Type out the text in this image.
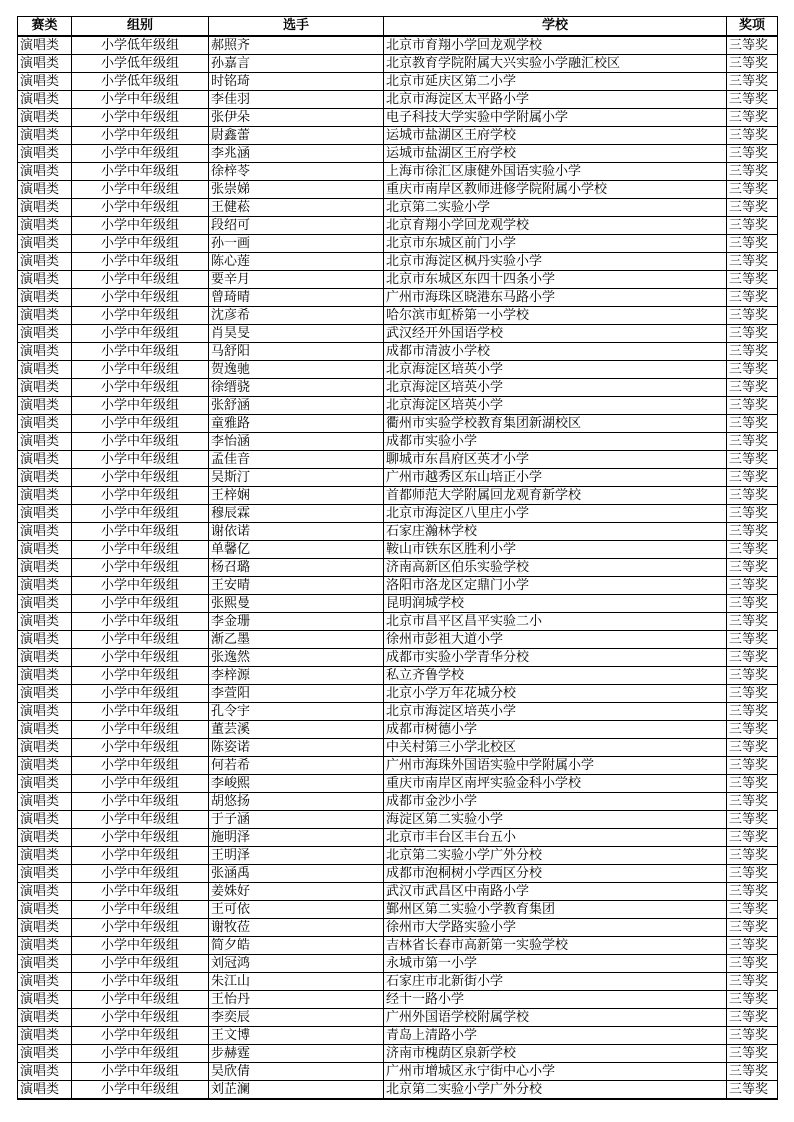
赛类	组别	选手	学校	奖项
演唱类	小学低年级组	郝照齐	北京市育翔小学回龙观学校	三等奖
演唱类	小学低年级组	孙嘉言	北京教育学院附属大兴实验小学融汇校区	三等奖
演唱类	小学低年级组	时铭琦	北京市延庆区第二小学	三等奖
演唱类	小学中年级组	李佳羽	北京市海淀区太平路小学	三等奖
演唱类	小学中年级组	张伊朵	电子科技大学实验中学附属小学	三等奖
演唱类	小学中年级组	尉鑫蕾	运城市盐湖区王府学校	三等奖
演唱类	小学中年级组	李兆涵	运城市盐湖区王府学校	三等奖
演唱类	小学中年级组	徐梓苓	上海市徐汇区康健外国语实验小学	三等奖
演唱类	小学中年级组	张崇娣	重庆市南岸区教师进修学院附属小学校	三等奖
演唱类	小学中年级组	王健菘	北京第二实验小学	三等奖
演唱类	小学中年级组	段绍可	北京育翔小学回龙观学校	三等奖
演唱类	小学中年级组	孙一画	北京市东城区前门小学	三等奖
演唱类	小学中年级组	陈心莲	北京市海淀区枫丹实验小学	三等奖
演唱类	小学中年级组	要辛月	北京市东城区东四十四条小学	三等奖
演唱类	小学中年级组	曾琦晴	广州市海珠区晓港东马路小学	三等奖
演唱类	小学中年级组	沈彦希	哈尔滨市虹桥第一小学校	三等奖
演唱类	小学中年级组	肖昊旻	武汉经开外国语学校	三等奖
演唱类	小学中年级组	马舒阳	成都市清波小学校	三等奖
演唱类	小学中年级组	贺逸驰	北京海淀区培英小学	三等奖
演唱类	小学中年级组	徐缙骁	北京海淀区培英小学	三等奖
演唱类	小学中年级组	张舒涵	北京海淀区培英小学	三等奖
演唱类	小学中年级组	童雅路	衢州市实验学校教育集团新湖校区	三等奖
演唱类	小学中年级组	李怡涵	成都市实验小学	三等奖
演唱类	小学中年级组	孟佳音	聊城市东昌府区英才小学	三等奖
演唱类	小学中年级组	吴斯汀	广州市越秀区东山培正小学	三等奖
演唱类	小学中年级组	王梓娴	首都师范大学附属回龙观育新学校	三等奖
演唱类	小学中年级组	穆辰霖	北京市海淀区八里庄小学	三等奖
演唱类	小学中年级组	谢依诺	石家庄瀚林学校	三等奖
演唱类	小学中年级组	单馨亿	鞍山市铁东区胜利小学	三等奖
演唱类	小学中年级组	杨召璐	济南高新区伯乐实验学校	三等奖
演唱类	小学中年级组	王安晴	洛阳市洛龙区定鼎门小学	三等奖
演唱类	小学中年级组	张熙曼	昆明润城学校	三等奖
演唱类	小学中年级组	李金珊	北京市昌平区昌平实验二小	三等奖
演唱类	小学中年级组	渐乙墨	徐州市彭祖大道小学	三等奖
演唱类	小学中年级组	张逸然	成都市实验小学青华分校	三等奖
演唱类	小学中年级组	李梓源	私立齐鲁学校	三等奖
演唱类	小学中年级组	李萱阳	北京小学万年花城分校	三等奖
演唱类	小学中年级组	孔令宇	北京市海淀区培英小学	三等奖
演唱类	小学中年级组	董芸溪	成都市树德小学	三等奖
演唱类	小学中年级组	陈姿诺	中关村第三小学北校区	三等奖
演唱类	小学中年级组	何若希	广州市海珠外国语实验中学附属小学	三等奖
演唱类	小学中年级组	李峻熙	重庆市南岸区南坪实验金科小学校	三等奖
演唱类	小学中年级组	胡悠扬	成都市金沙小学	三等奖
演唱类	小学中年级组	于子涵	海淀区第二实验小学	三等奖
演唱类	小学中年级组	施明泽	北京市丰台区丰台五小	三等奖
演唱类	小学中年级组	王明泽	北京第二实验小学广外分校	三等奖
演唱类	小学中年级组	张涵禹	成都市泡桐树小学西区分校	三等奖
演唱类	小学中年级组	姜姝好	武汉市武昌区中南路小学	三等奖
演唱类	小学中年级组	王可依	鄞州区第二实验小学教育集团	三等奖
演唱类	小学中年级组	谢牧莅	徐州市大学路实验小学	三等奖
演唱类	小学中年级组	简夕皓	吉林省长春市高新第一实验学校	三等奖
演唱类	小学中年级组	刘冠鸿	永城市第一小学	三等奖
演唱类	小学中年级组	朱江山	石家庄市北新街小学	三等奖
演唱类	小学中年级组	王怡丹	经十一路小学	三等奖
演唱类	小学中年级组	李奕辰	广州外国语学校附属学校	三等奖
演唱类	小学中年级组	王文博	青岛上清路小学	三等奖
演唱类	小学中年级组	步赫霆	济南市槐荫区泉新学校	三等奖
演唱类	小学中年级组	吴欣倩	广州市增城区永宁街中心小学	三等奖
演唱类	小学中年级组	刘芷澜	北京第二实验小学广外分校	三等奖
